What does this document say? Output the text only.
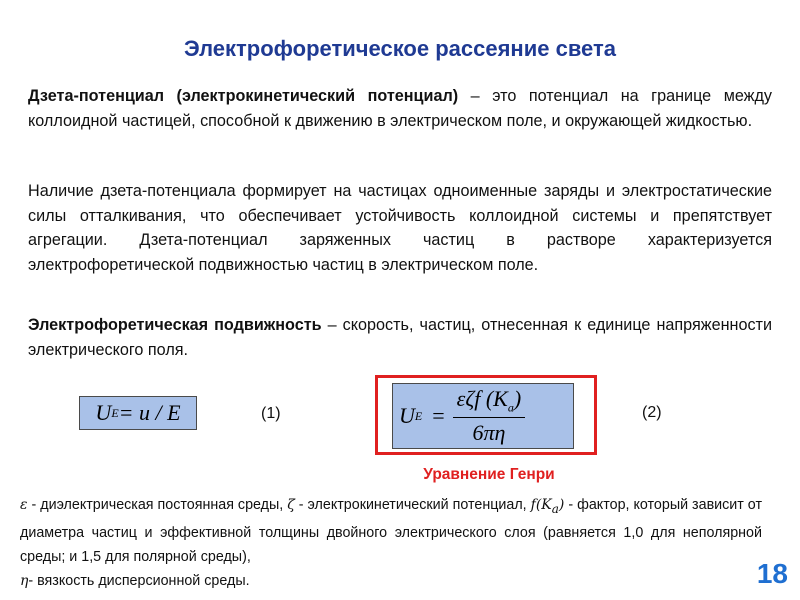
Электрофоретическое рассеяние света
Дзета-потенциал (электрокинетический потенциал) – это потенциал на границе между коллоидной частицей, способной к движению в электрическом поле, и окружающей жидкостью.
Наличие дзета-потенциала формирует на частицах одноименные заряды и электростатические силы отталкивания, что обеспечивает устойчивость коллоидной системы и препятствует агрегации. Дзета-потенциал заряженных частиц в растворе характеризуется электрофоретической подвижностью частиц в электрическом поле.
Электрофоретическая подвижность – скорость, частиц, отнесенная к единице напряженности электрического поля.
U E = u / E	(1)	U $E = \frac{\varepsilon\zeta f (K_a)}{6\pi\eta}$	(2)
Уравнение Генри
ε - диэлектрическая постоянная среды, ζ - электрокинетический потенциал, $f(K_a)$ - фактор, который зависит от диаметра частиц и эффективной толщины двойного электрического слоя (равняется 1,0 для неполярной среды; и 1,5 для полярной среды),
η- вязкость дисперсионной среды.	18
